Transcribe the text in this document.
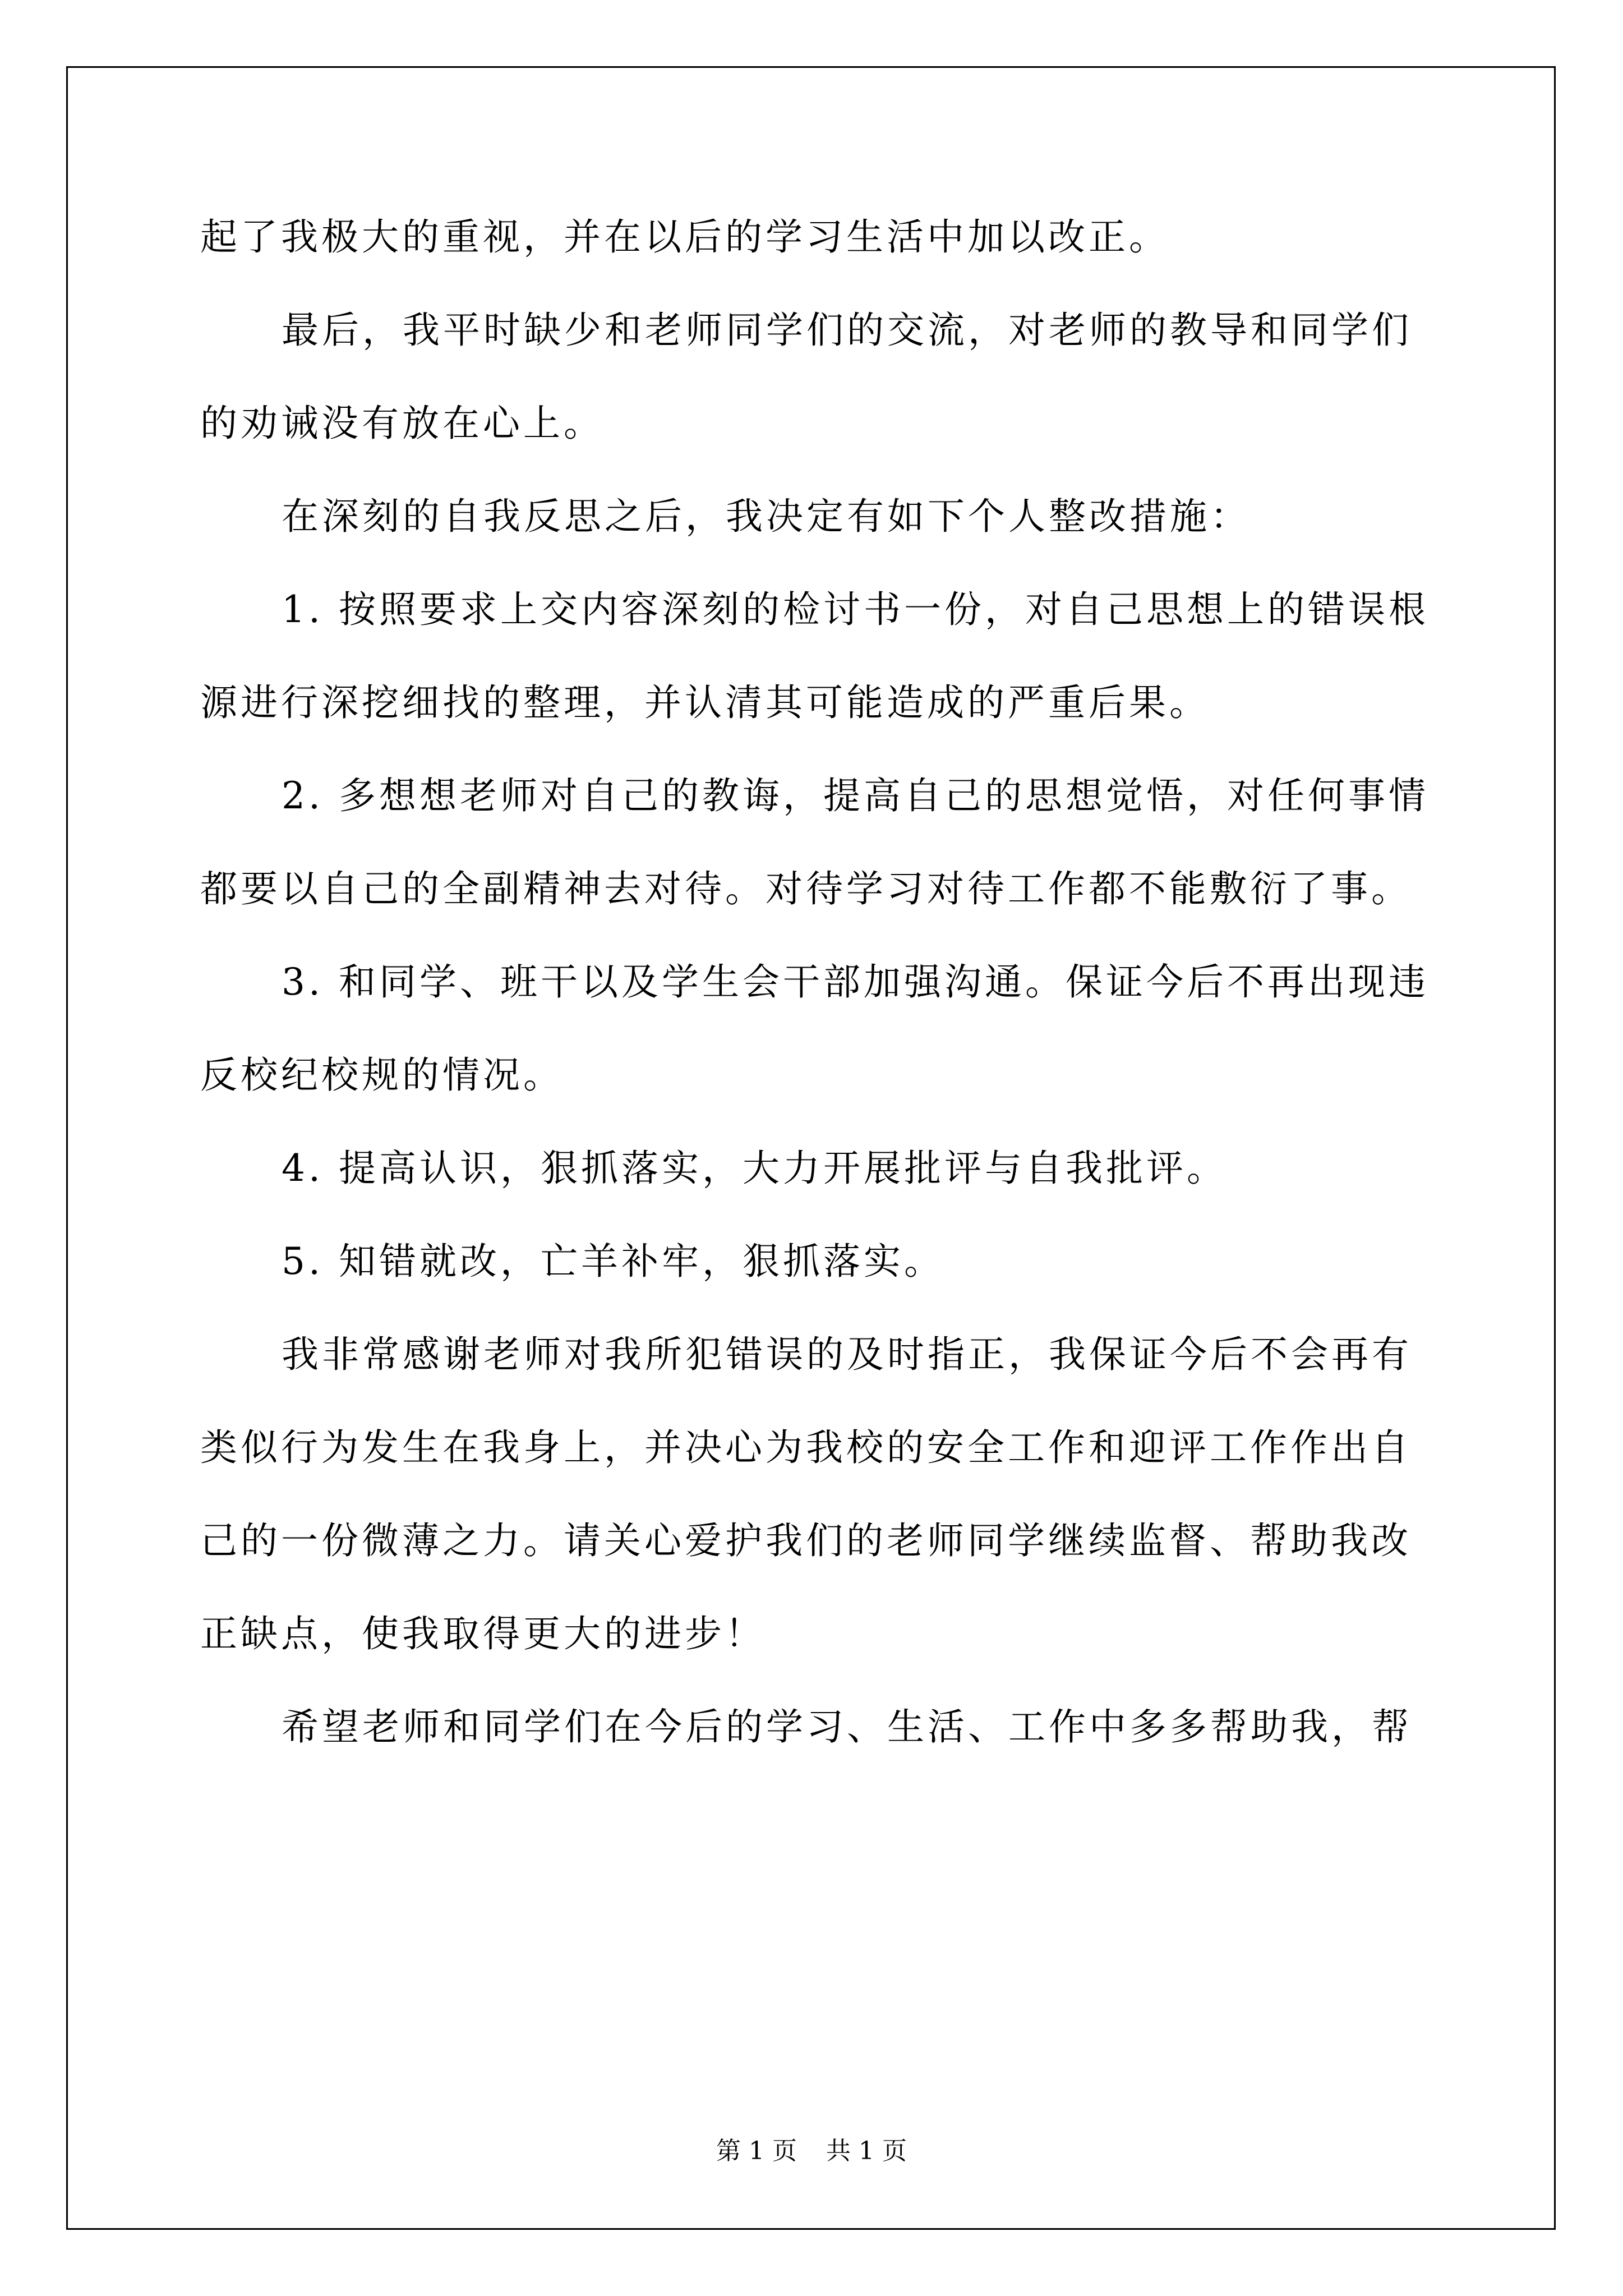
起了我极大的重视，并在以后的学习生活中加以改正。

最后，我平时缺少和老师同学们的交流，对老师的教导和同学们

的劝诫没有放在心上。

在深刻的自我反思之后，我决定有如下个人整改措施：

1. 按照要求上交内容深刻的检讨书一份，对自己思想上的错误根

源进行深挖细找的整理，并认清其可能造成的严重后果。

2. 多想想老师对自己的教诲，提高自己的思想觉悟，对任何事情

都要以自己的全副精神去对待。对待学习对待工作都不能敷衍了事。

3. 和同学、班干以及学生会干部加强沟通。保证今后不再出现违

反校纪校规的情况。

4. 提高认识，狠抓落实，大力开展批评与自我批评。

5. 知错就改，亡羊补牢，狠抓落实。

我非常感谢老师对我所犯错误的及时指正，我保证今后不会再有

类似行为发生在我身上，并决心为我校的安全工作和迎评工作作出自

己的一份微薄之力。请关心爱护我们的老师同学继续监督、帮助我改

正缺点，使我取得更大的进步！

希望老师和同学们在今后的学习、生活、工作中多多帮助我，帮

第 1 页 共 1 页
